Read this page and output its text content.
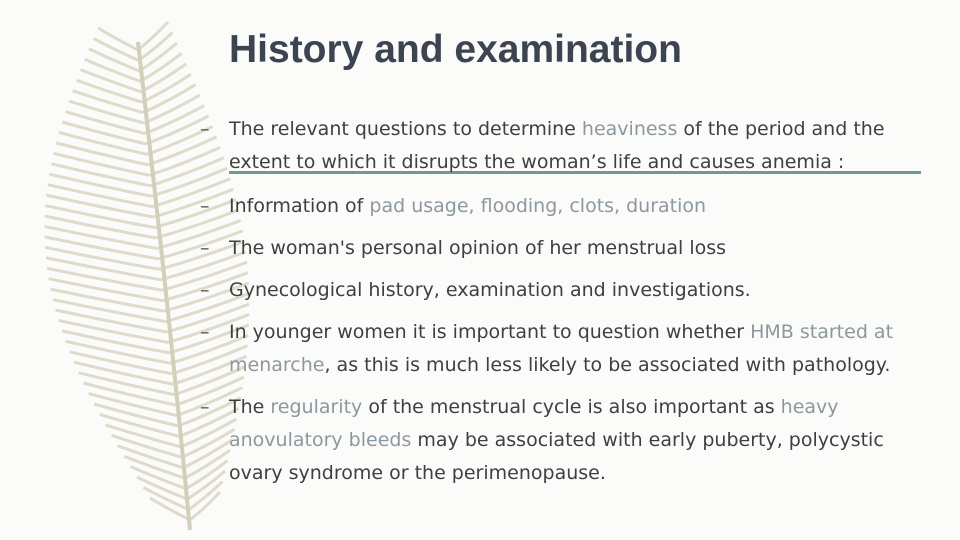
History and examination
– The relevant questions to determine heaviness of the period and the extent to which it disrupts the woman’s life and causes anemia :
– Information of pad usage, flooding, clots, duration
– The woman's personal opinion of her menstrual loss
– Gynecological history, examination and investigations.
– In younger women it is important to question whether HMB started at menarche, as this is much less likely to be associated with pathology.
– The regularity of the menstrual cycle is also important as heavy anovulatory bleeds may be associated with early puberty, polycystic ovary syndrome or the perimenopause.
